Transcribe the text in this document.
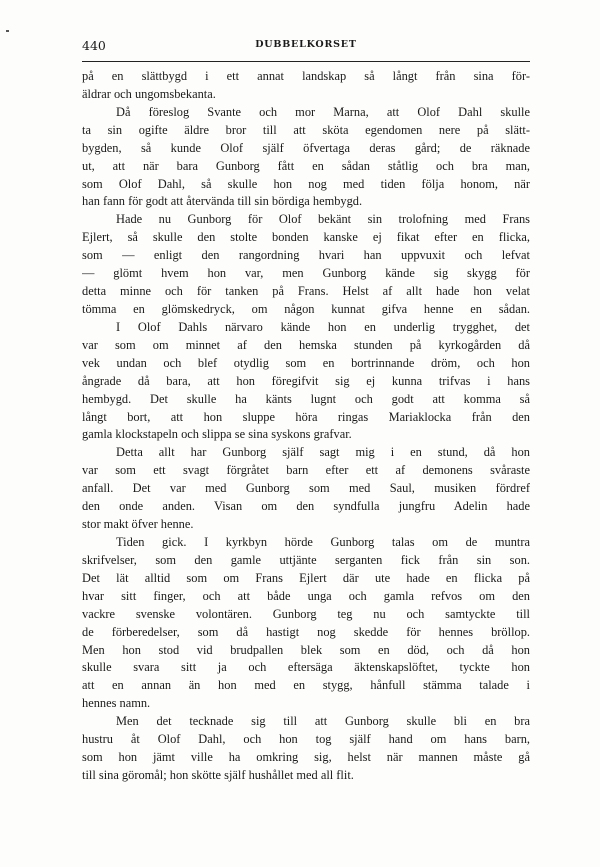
440	DUBBELKORSET
på en slättbygd i ett annat landskap så långt från sina för-
äldrar och ungomsbekanta.
Då föreslog Svante och mor Marna, att Olof Dahl skulle
ta sin ogifte äldre bror till att sköta egendomen nere på slätt-
bygden, så kunde Olof själf öfvertaga deras gård; de räknade
ut, att när bara Gunborg fått en sådan ståtlig och bra man,
som Olof Dahl, så skulle hon nog med tiden följa honom, när
han fann för godt att återvända till sin bördiga hembygd.
Hade nu Gunborg för Olof bekänt sin trolofning med Frans
Ejlert, så skulle den stolte bonden kanske ej fikat efter en flicka,
som — enligt den rangordning hvari han uppvuxit och lefvat
— glömt hvem hon var, men Gunborg kände sig skygg för
detta minne och för tanken på Frans. Helst af allt hade hon velat
tömma en glömskedryck, om någon kunnat gifva henne en sådan.
I Olof Dahls närvaro kände hon en underlig trygghet, det
var som om minnet af den hemska stunden på kyrkogården då
vek undan och blef otydlig som en bortrinnande dröm, och hon
ångrade då bara, att hon föregifvit sig ej kunna trifvas i hans
hembygd. Det skulle ha känts lugnt och godt att komma så
långt bort, att hon sluppe höra ringas Mariaklocka från den
gamla klockstapeln och slippa se sina syskons grafvar.
Detta allt har Gunborg själf sagt mig i en stund, då hon
var som ett svagt förgråtet barn efter ett af demonens svåraste
anfall. Det var med Gunborg som med Saul, musiken fördref
den onde anden. Visan om den syndfulla jungfru Adelin hade
stor makt öfver henne.
Tiden gick. I kyrkbyn hörde Gunborg talas om de muntra
skrifvelser, som den gamle uttjänte serganten fick från sin son.
Det lät alltid som om Frans Ejlert där ute hade en flicka på
hvar sitt finger, och att både unga och gamla refvos om den
vackre svenske volontären. Gunborg teg nu och samtyckte till
de förberedelser, som då hastigt nog skedde för hennes bröllop.
Men hon stod vid brudpallen blek som en död, och då hon
skulle svara sitt ja och eftersäga äktenskapslöftet, tyckte hon
att en annan än hon med en stygg, hånfull stämma talade i
hennes namn.
Men det tecknade sig till att Gunborg skulle bli en bra
hustru åt Olof Dahl, och hon tog själf hand om hans barn,
som hon jämt ville ha omkring sig, helst när mannen måste gå
till sina göromål; hon skötte själf hushållet med all flit.
